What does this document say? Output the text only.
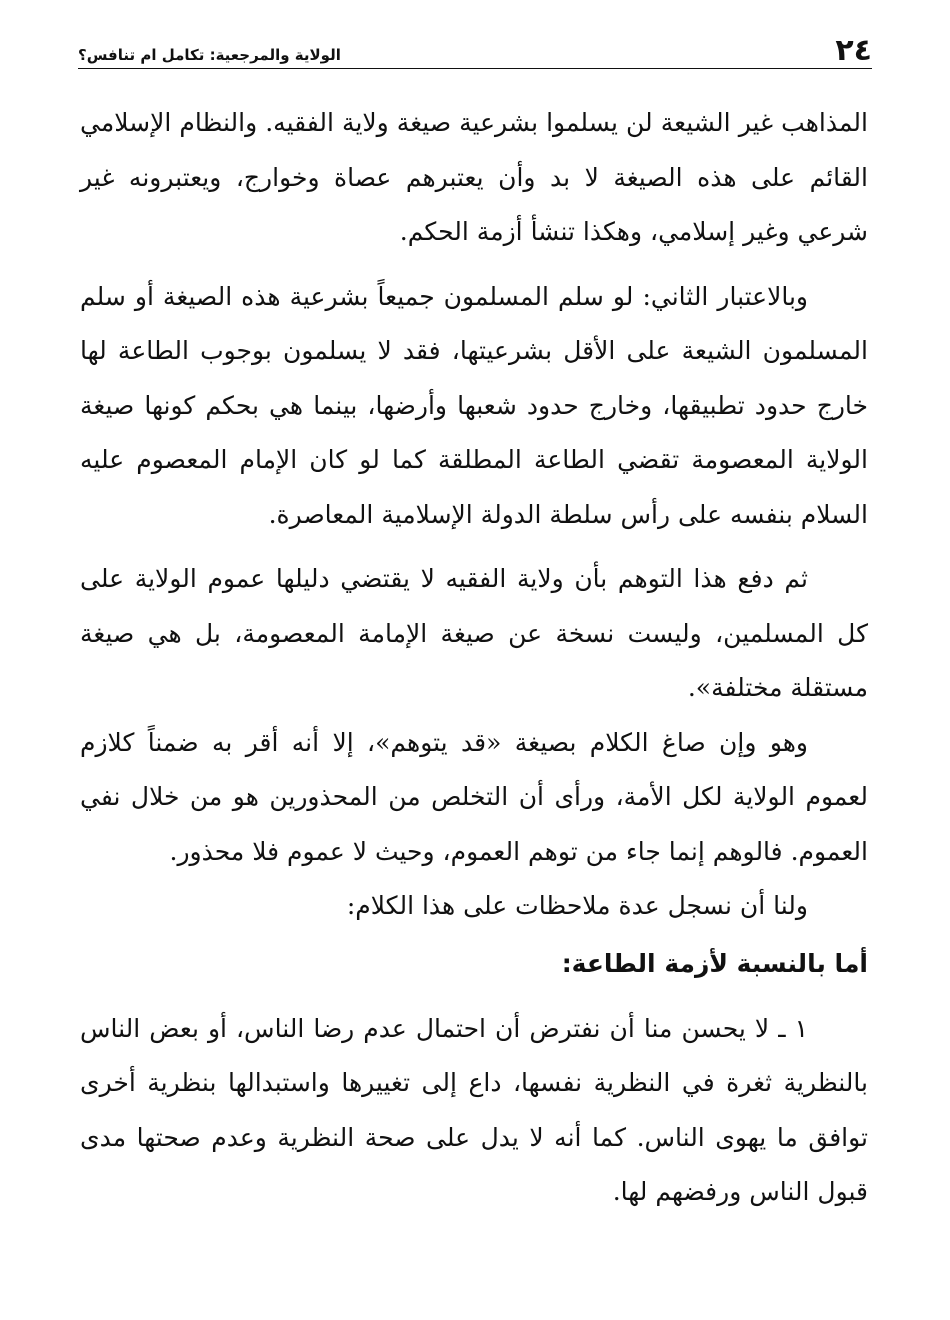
٢٤
الولاية والمرجعية: تكامل ام تنافس؟

المذاهب غير الشيعة لن يسلموا بشرعية صيغة ولاية الفقيه. والنظام الإسلامي القائم على هذه الصيغة لا بد وأن يعتبرهم عصاة وخوارج، ويعتبرونه غير شرعي وغير إسلامي، وهكذا تنشأ أزمة الحكم.

وبالاعتبار الثاني: لو سلم المسلمون جميعاً بشرعية هذه الصيغة أو سلم المسلمون الشيعة على الأقل بشرعيتها، فقد لا يسلمون بوجوب الطاعة لها خارج حدود تطبيقها، وخارج حدود شعبها وأرضها، بينما هي بحكم كونها صيغة الولاية المعصومة تقضي الطاعة المطلقة كما لو كان الإمام المعصوم عليه السلام بنفسه على رأس سلطة الدولة الإسلامية المعاصرة.

ثم دفع هذا التوهم بأن ولاية الفقيه لا يقتضي دليلها عموم الولاية على كل المسلمين، وليست نسخة عن صيغة الإمامة المعصومة، بل هي صيغة مستقلة مختلفة».

وهو وإن صاغ الكلام بصيغة «قد يتوهم»، إلا أنه أقر به ضمناً كلازم لعموم الولاية لكل الأمة، ورأى أن التخلص من المحذورين هو من خلال نفي العموم. فالوهم إنما جاء من توهم العموم، وحيث لا عموم فلا محذور.

ولنا أن نسجل عدة ملاحظات على هذا الكلام:

أما بالنسبة لأزمة الطاعة:

١ ـ لا يحسن منا أن نفترض أن احتمال عدم رضا الناس، أو بعض الناس بالنظرية ثغرة في النظرية نفسها، داع إلى تغييرها واستبدالها بنظرية أخرى توافق ما يهوى الناس. كما أنه لا يدل على صحة النظرية وعدم صحتها مدى قبول الناس ورفضهم لها.
